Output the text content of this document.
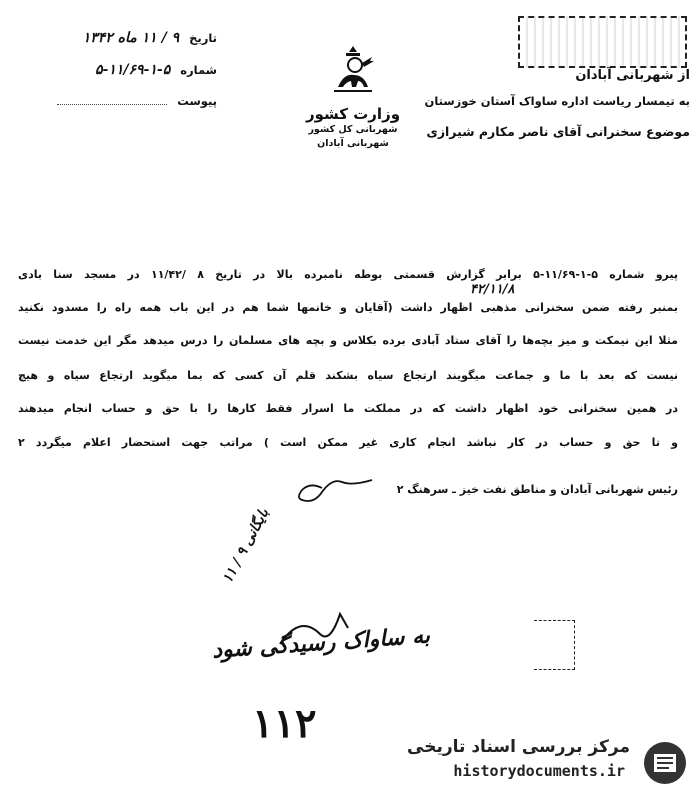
تاریخ ۹ / ۱۱ ماه ۱۳۴۲
شماره ۵-۱-۱۱/۶۹-۵
پیوست
وزارت کشور
شهربانی کل کشور
شهربانی آبادان
از شهربانی آبادان
به تیمسار ریاست اداره ساواک آستان خوزستان
موضوع سخنرانی آقای ناصر مکارم شیرازی
پیرو شماره ۵-۱-۱۱/۶۹-۵ برابر گزارش قسمتی بوطه نامبرده بالا در تاریخ ۸ /۱۱/۴۲ در مسجد سنا بادی
۴۲/۱۱/۸
بمنبر رفته ضمن سخنرانی مذهبی اظهار داشت (آقایان و خانمها شما هم در این باب همه راه را مسدود نکنید
مثلا این نیمکت و میز بچه‌ها را آقای ستاد آبادی برده بکلاس و بچه های مسلمان را درس میدهد مگر این خدمت نیست
نیست که بعد با ما و جماعت میگویند ارتجاع سیاه بشکند قلم آن کسی که بما میگوید ارتجاع سیاه و هیچ
در همین سخنرانی خود اظهار داشت که در مملکت ما اسرار فقط کارها را با حق و حساب انجام میدهند
و تا حق و حساب در کار نباشد انجام کاری غیر ممکن است ) مراتب جهت استحضار اعلام میگردد ۲
رئیس شهربانی آبادان و مناطق نفت خیز ـ سرهنگ ۲
بایگانی ۹ / ۱۱
به ساواک رسیدگی شود
۱۱۲	مرکز بررسی اسناد تاریخی
historydocuments.ir
